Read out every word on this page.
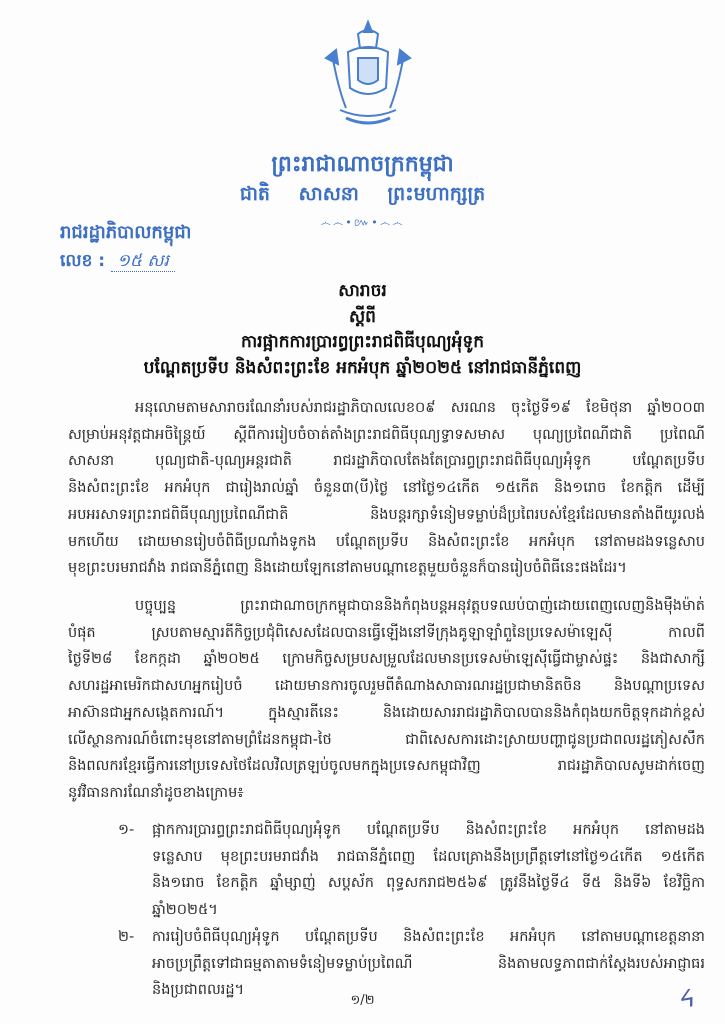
ព្រះរាជាណាចក្រកម្ពុជា
ជាតិ សាសនា ព្រះមហាក្សត្រ
෴෴•៚•෴෴
រាជរដ្ឋាភិបាលកម្ពុជា
លេខ : ១៥ សរ
សារាចរ
ស្តីពី
ការផ្អាកការប្រារព្ធព្រះរាជពិធីបុណ្យអុំទូក
បណ្តែតប្រទីប និងសំពះព្រះខែ អកអំបុក ឆ្នាំ២០២៥ នៅរាជធានីភ្នំពេញ
អនុលោមតាមសារាចរណែនាំរបស់រាជរដ្ឋាភិបាលលេខ០៩ សរណន ចុះថ្ងៃទី១៩ ខែមិថុនា ឆ្នាំ២០០៣
សម្រាប់អនុវត្តជាអចិន្ត្រៃយ៍ ស្តីពីការរៀបចំចាត់តាំងព្រះរាជពិធីបុណ្យទ្វាទសមាស បុណ្យប្រពៃណីជាតិ ប្រពៃណី
សាសនា បុណ្យជាតិ-បុណ្យអន្តរជាតិ រាជរដ្ឋាភិបាលតែងតែប្រារព្ធព្រះរាជពិធីបុណ្យអុំទូក បណ្តែតប្រទីប
និងសំពះព្រះខែ អកអំបុក ជារៀងរាល់ឆ្នាំ ចំនួន៣(បី)ថ្ងៃ នៅថ្ងៃ១៤កើត ១៥កើត និង១រោច ខែកត្តិក ដើម្បី
អបអរសាទរព្រះរាជពិធីបុណ្យប្រពៃណីជាតិ និងបន្តរក្សាទំនៀមទម្លាប់ដ៏ប្រពៃរបស់ខ្មែរដែលមានតាំងពីយូរលង់
មកហើយ ដោយមានរៀបចំពិធីប្រណាំងទូកង បណ្តែតប្រទីប និងសំពះព្រះខែ អកអំបុក នៅតាមដងទន្លេសាប
មុខព្រះបរមរាជវាំង រាជធានីភ្នំពេញ និងដោយឡែកនៅតាមបណ្តាខេត្តមួយចំនួនក៏បានរៀបចំពិធីនេះផងដែរ។
បច្ចុប្បន្ន ព្រះរាជាណាចក្រកម្ពុជាបាននិងកំពុងបន្តអនុវត្តបទឈប់បាញ់ដោយពេញលេញនិងម៉ឺងម៉ាត់
បំផុត ស្របតាមស្មារតីកិច្ចប្រជុំពិសេសដែលបានធ្វើឡើងនៅទីក្រុងគូឡាឡាំពួនៃប្រទេសម៉ាឡេស៊ី កាលពី
ថ្ងៃទី២៨ ខែកក្កដា ឆ្នាំ២០២៥ ក្រោមកិច្ចសម្របសម្រួលដែលមានប្រទេសម៉ាឡេស៊ីធ្វើជាម្ចាស់ផ្ទះ និងជាសាក្សី
សហរដ្ឋអាមេរិកជាសហអ្នករៀបចំ ដោយមានការចូលរួមពីតំណាងសាធារណរដ្ឋប្រជាមានិតចិន និងបណ្តាប្រទេស
អាស៊ានជាអ្នកសង្កេតការណ៍។ ក្នុងស្មារតីនេះ និងដោយសាររាជរដ្ឋាភិបាលបាននិងកំពុងយកចិត្តទុកដាក់ខ្ពស់
លើស្ថានការណ៍ចំពោះមុខនៅតាមព្រំដែនកម្ពុជា-ថៃ ជាពិសេសការដោះស្រាយបញ្ហាជូនប្រជាពលរដ្ឋភៀសសឹក
និងពលករខ្មែរធ្វើការនៅប្រទេសថៃដែលវិលត្រឡប់ចូលមកក្នុងប្រទេសកម្ពុជាវិញ រាជរដ្ឋាភិបាលសូមដាក់ចេញ
នូវវិធានការណែនាំដូចខាងក្រោម៖
១- ផ្អាកការប្រារព្ធព្រះរាជពិធីបុណ្យអុំទូក បណ្តែតប្រទីប និងសំពះព្រះខែ អកអំបុក នៅតាមដង
ទន្លេសាប មុខព្រះបរមរាជវាំង រាជធានីភ្នំពេញ ដែលគ្រោងនឹងប្រព្រឹត្តទៅនៅថ្ងៃ១៤កើត ១៥កើត
និង១រោច ខែកត្តិក ឆ្នាំម្សាញ់ សប្តស័ក ពុទ្ធសករាជ២៥៦៩ ត្រូវនឹងថ្ងៃទី៤ ទី៥ និងទី៦ ខែវិច្ឆិកា
ឆ្នាំ២០២៥។
២- ការរៀបចំពិធីបុណ្យអុំទូក បណ្តែតប្រទីប និងសំពះព្រះខែ អកអំបុក នៅតាមបណ្តាខេត្តនានា
អាចប្រព្រឹត្តទៅជាធម្មតាតាមទំនៀមទម្លាប់ប្រពៃណី និងតាមលទ្ធភាពជាក់ស្តែងរបស់អាជ្ញាធរ
និងប្រជាពលរដ្ឋ។
១/២	ᔦ
